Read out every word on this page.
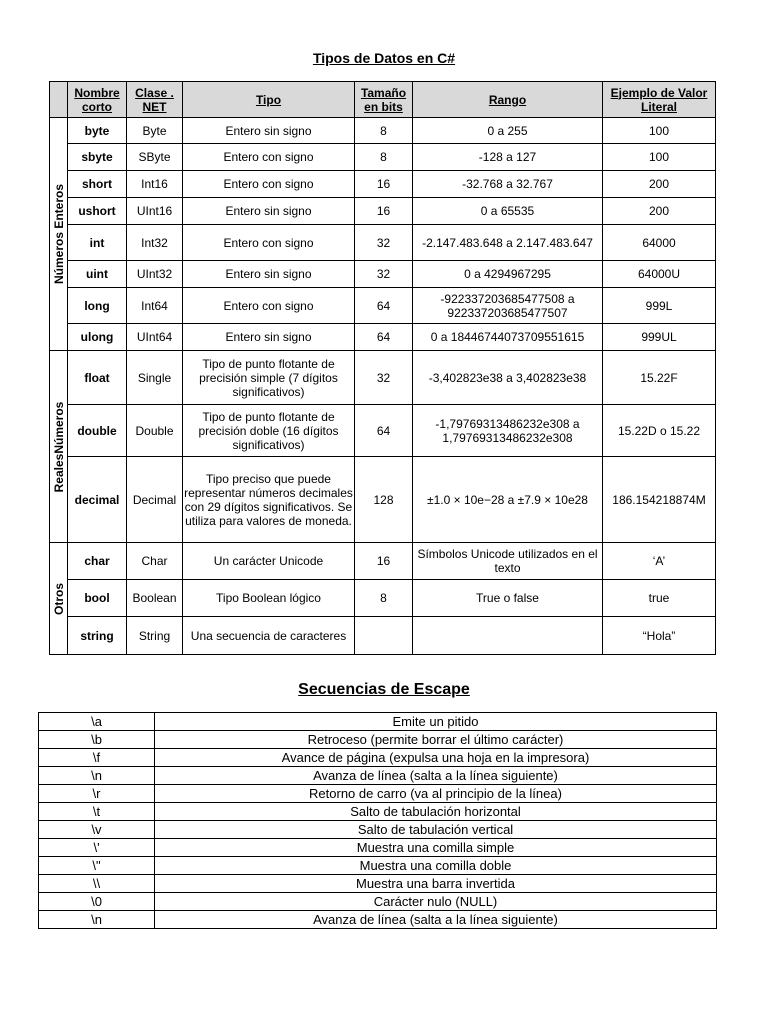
Tipos de Datos en C#
	Nombre corto	Clase . NET	Tipo	Tamaño en bits	Rango	Ejemplo de Valor Literal

Números Enteros	byte	Byte	Entero sin signo	8	0 a 255	100
	sbyte	SByte	Entero con signo	8	-128 a 127	100
	short	Int16	Entero con signo	16	-32.768 a 32.767	200
	ushort	UInt16	Entero sin signo	16	0 a 65535	200
	int	Int32	Entero con signo	32	-2.147.483.648 a 2.147.483.647	64000
	uint	UInt32	Entero sin signo	32	0 a 4294967295	64000U
	long	Int64	Entero con signo	64	-922337203685477508 a 922337203685477507	999L
	ulong	UInt64	Entero sin signo	64	0 a 18446744073709551615	999UL

RealesNúmeros	float	Single	Tipo de punto flotante de precisión simple (7 dígitos significativos)	32	-3,402823e38 a 3,402823e38	15.22F
	double	Double	Tipo de punto flotante de precisión doble (16 dígitos significativos)	64	-1,79769313486232e308 a 1,79769313486232e308	15.22D o 15.22
	decimal	Decimal	Tipo preciso que puede representar números decimales con 29 dígitos significativos. Se utiliza para valores de moneda.	128	±1.0 × 10e−28 a ±7.9 × 10e28	186.154218874M

Otros	char	Char	Un carácter Unicode	16	Símbolos Unicode utilizados en el texto	‘A’
	bool	Boolean	Tipo Boolean lógico	8	True o false	true
	string	String	Una secuencia de caracteres			“Hola”
Secuencias de Escape
\a	Emite un pitido
\b	Retroceso (permite borrar el último carácter)
\f	Avance de página (expulsa una hoja en la impresora)
\n	Avanza de línea (salta a la línea siguiente)
\r	Retorno de carro (va al principio de la línea)
\t	Salto de tabulación horizontal
\v	Salto de tabulación vertical
\'	Muestra una comilla simple
\"	Muestra una comilla doble
\\	Muestra una barra invertida
\0	Carácter nulo (NULL)
\n	Avanza de línea (salta a la línea siguiente)
